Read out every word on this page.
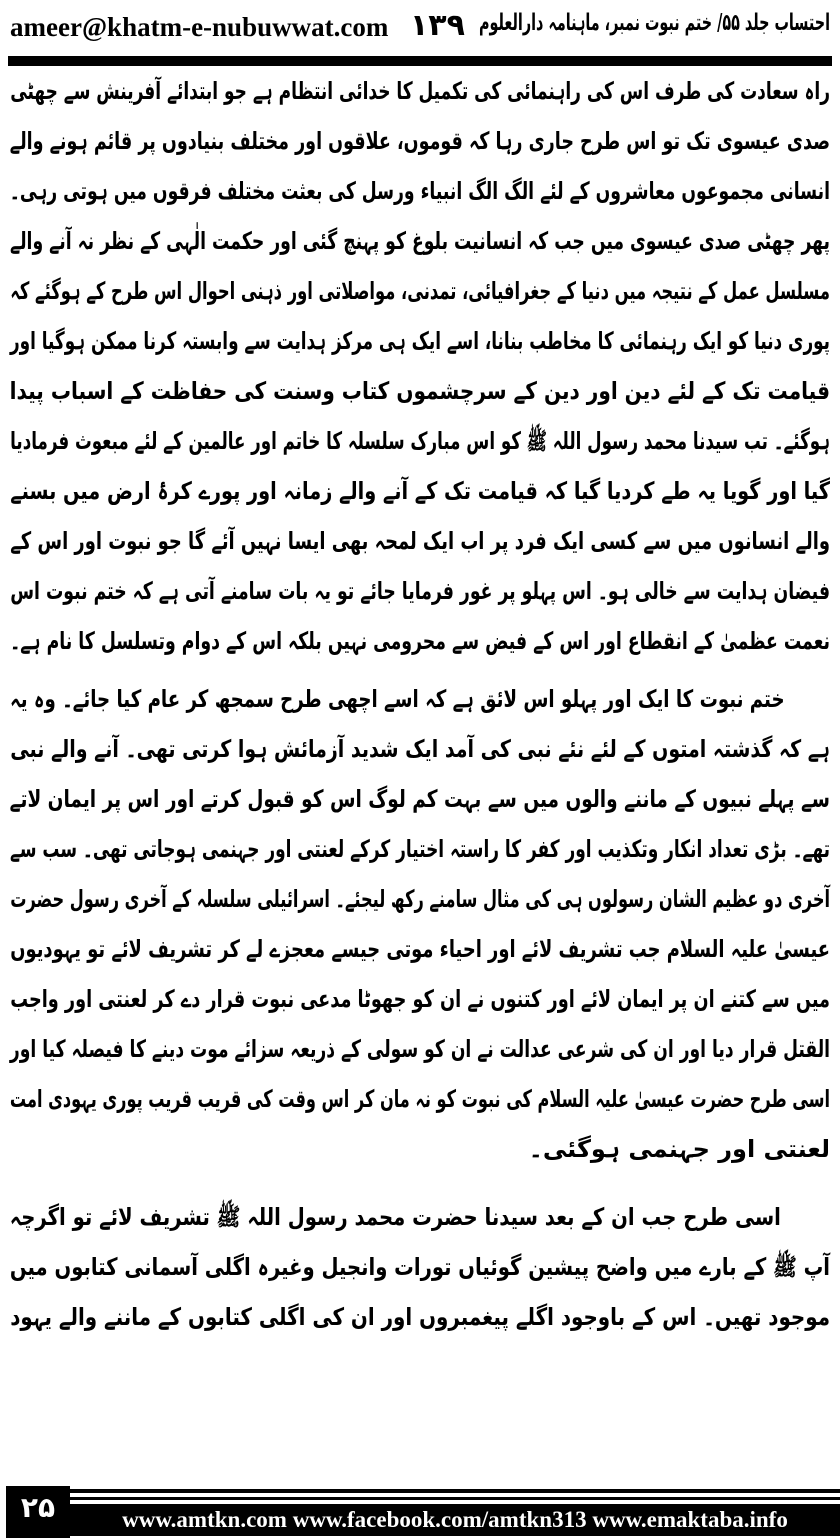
ameer@khatm-e-nubuwwat.com ۱۳۹ احتساب جلد ۵۵/ ختم نبوت نمبر، ماہنامہ دارالعلوم
راہ سعادت کی طرف اس کی راہنمائی کی تکمیل کا خدائی انتظام ہے جو ابتدائے آفرینش سے چھٹی
صدی عیسوی تک تو اس طرح جاری رہا کہ قوموں، علاقوں اور مختلف بنیادوں پر قائم ہونے والے
انسانی مجموعوں معاشروں کے لئے الگ الگ انبیاء ورسل کی بعثت مختلف فرقوں میں ہوتی رہی۔
پھر چھٹی صدی عیسوی میں جب کہ انسانیت بلوغ کو پہنچ گئی اور حکمت الٰہی کے نظر نہ آنے والے
مسلسل عمل کے نتیجہ میں دنیا کے جغرافیائی، تمدنی، مواصلاتی اور ذہنی احوال اس طرح کے ہوگئے کہ
پوری دنیا کو ایک رہنمائی کا مخاطب بنانا، اسے ایک ہی مرکز ہدایت سے وابستہ کرنا ممکن ہوگیا اور
قیامت تک کے لئے دین اور دین کے سرچشموں کتاب وسنت کی حفاظت کے اسباب پیدا
ہوگئے۔ تب سیدنا محمد رسول اللہ ﷺ کو اس مبارک سلسلہ کا خاتم اور عالمین کے لئے مبعوث فرمادیا
گیا اور گویا یہ طے کردیا گیا کہ قیامت تک کے آنے والے زمانہ اور پورے کرۂ ارض میں بسنے
والے انسانوں میں سے کسی ایک فرد پر اب ایک لمحہ بھی ایسا نہیں آئے گا جو نبوت اور اس کے
فیضان ہدایت سے خالی ہو۔ اس پہلو پر غور فرمایا جائے تو یہ بات سامنے آتی ہے کہ ختم نبوت اس
نعمت عظمیٰ کے انقطاع اور اس کے فیض سے محرومی نہیں بلکہ اس کے دوام وتسلسل کا نام ہے۔
ختم نبوت کا ایک اور پہلو اس لائق ہے کہ اسے اچھی طرح سمجھ کر عام کیا جائے۔ وہ یہ
ہے کہ گذشتہ امتوں کے لئے نئے نبی کی آمد ایک شدید آزمائش ہوا کرتی تھی۔ آنے والے نبی
سے پہلے نبیوں کے ماننے والوں میں سے بہت کم لوگ اس کو قبول کرتے اور اس پر ایمان لاتے
تھے۔ بڑی تعداد انکار وتکذیب اور کفر کا راستہ اختیار کرکے لعنتی اور جہنمی ہوجاتی تھی۔ سب سے
آخری دو عظیم الشان رسولوں ہی کی مثال سامنے رکھ لیجئے۔ اسرائیلی سلسلہ کے آخری رسول حضرت
عیسیٰ علیہ السلام جب تشریف لائے اور احیاء موتی جیسے معجزے لے کر تشریف لائے تو یہودیوں
میں سے کتنے ان پر ایمان لائے اور کتنوں نے ان کو جھوٹا مدعی نبوت قرار دے کر لعنتی اور واجب
القتل قرار دیا اور ان کی شرعی عدالت نے ان کو سولی کے ذریعہ سزائے موت دینے کا فیصلہ کیا اور
اسی طرح حضرت عیسیٰ علیہ السلام کی نبوت کو نہ مان کر اس وقت کی قریب قریب پوری یہودی امت
لعنتی اور جہنمی ہوگئی۔
اسی طرح جب ان کے بعد سیدنا حضرت محمد رسول اللہ ﷺ تشریف لائے تو اگرچہ
آپ ﷺ کے بارے میں واضح پیشین گوئیاں تورات وانجیل وغیرہ اگلی آسمانی کتابوں میں
موجود تھیں۔ اس کے باوجود اگلے پیغمبروں اور ان کی اگلی کتابوں کے ماننے والے یہود
۲۵	www.amtkn.com www.facebook.com/amtkn313 www.emaktaba.info
